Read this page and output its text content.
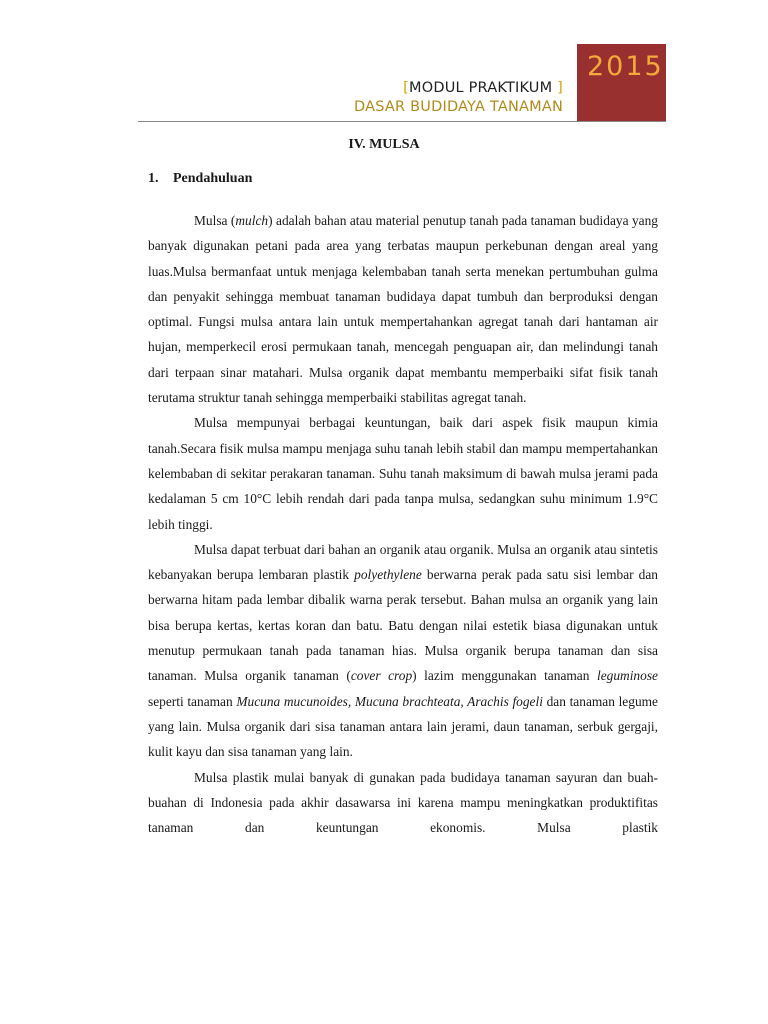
[MODUL PRAKTIKUM ]
DASAR BUDIDAYA TANAMAN
2015
IV. MULSA
1. Pendahuluan

Mulsa (mulch) adalah bahan atau material penutup tanah pada tanaman budidaya yang banyak digunakan petani pada area yang terbatas maupun perkebunan dengan areal yang luas.Mulsa bermanfaat untuk menjaga kelembaban tanah serta menekan pertumbuhan gulma dan penyakit sehingga membuat tanaman budidaya dapat tumbuh dan berproduksi dengan optimal. Fungsi mulsa antara lain untuk mempertahankan agregat tanah dari hantaman air hujan, memperkecil erosi permukaan tanah, mencegah penguapan air, dan melindungi tanah dari terpaan sinar matahari. Mulsa organik dapat membantu memperbaiki sifat fisik tanah terutama struktur tanah sehingga memperbaiki stabilitas agregat tanah.

Mulsa mempunyai berbagai keuntungan, baik dari aspek fisik maupun kimia tanah.Secara fisik mulsa mampu menjaga suhu tanah lebih stabil dan mampu mempertahankan kelembaban di sekitar perakaran tanaman. Suhu tanah maksimum di bawah mulsa jerami pada kedalaman 5 cm 10°C lebih rendah dari pada tanpa mulsa, sedangkan suhu minimum 1.9°C lebih tinggi.

Mulsa dapat terbuat dari bahan an organik atau organik. Mulsa an organik atau sintetis kebanyakan berupa lembaran plastik polyethylene berwarna perak pada satu sisi lembar dan berwarna hitam pada lembar dibalik warna perak tersebut. Bahan mulsa an organik yang lain bisa berupa kertas, kertas koran dan batu. Batu dengan nilai estetik biasa digunakan untuk menutup permukaan tanah pada tanaman hias. Mulsa organik berupa tanaman dan sisa tanaman. Mulsa organik tanaman (cover crop) lazim menggunakan tanaman leguminose seperti tanaman Mucuna mucunoides, Mucuna brachteata, Arachis fogeli dan tanaman legume yang lain. Mulsa organik dari sisa tanaman antara lain jerami, daun tanaman, serbuk gergaji, kulit kayu dan sisa tanaman yang lain.

Mulsa plastik mulai banyak di gunakan pada budidaya tanaman sayuran dan buah-buahan di Indonesia pada akhir dasawarsa ini karena mampu meningkatkan produktifitas tanaman dan keuntungan ekonomis. Mulsa plastik
